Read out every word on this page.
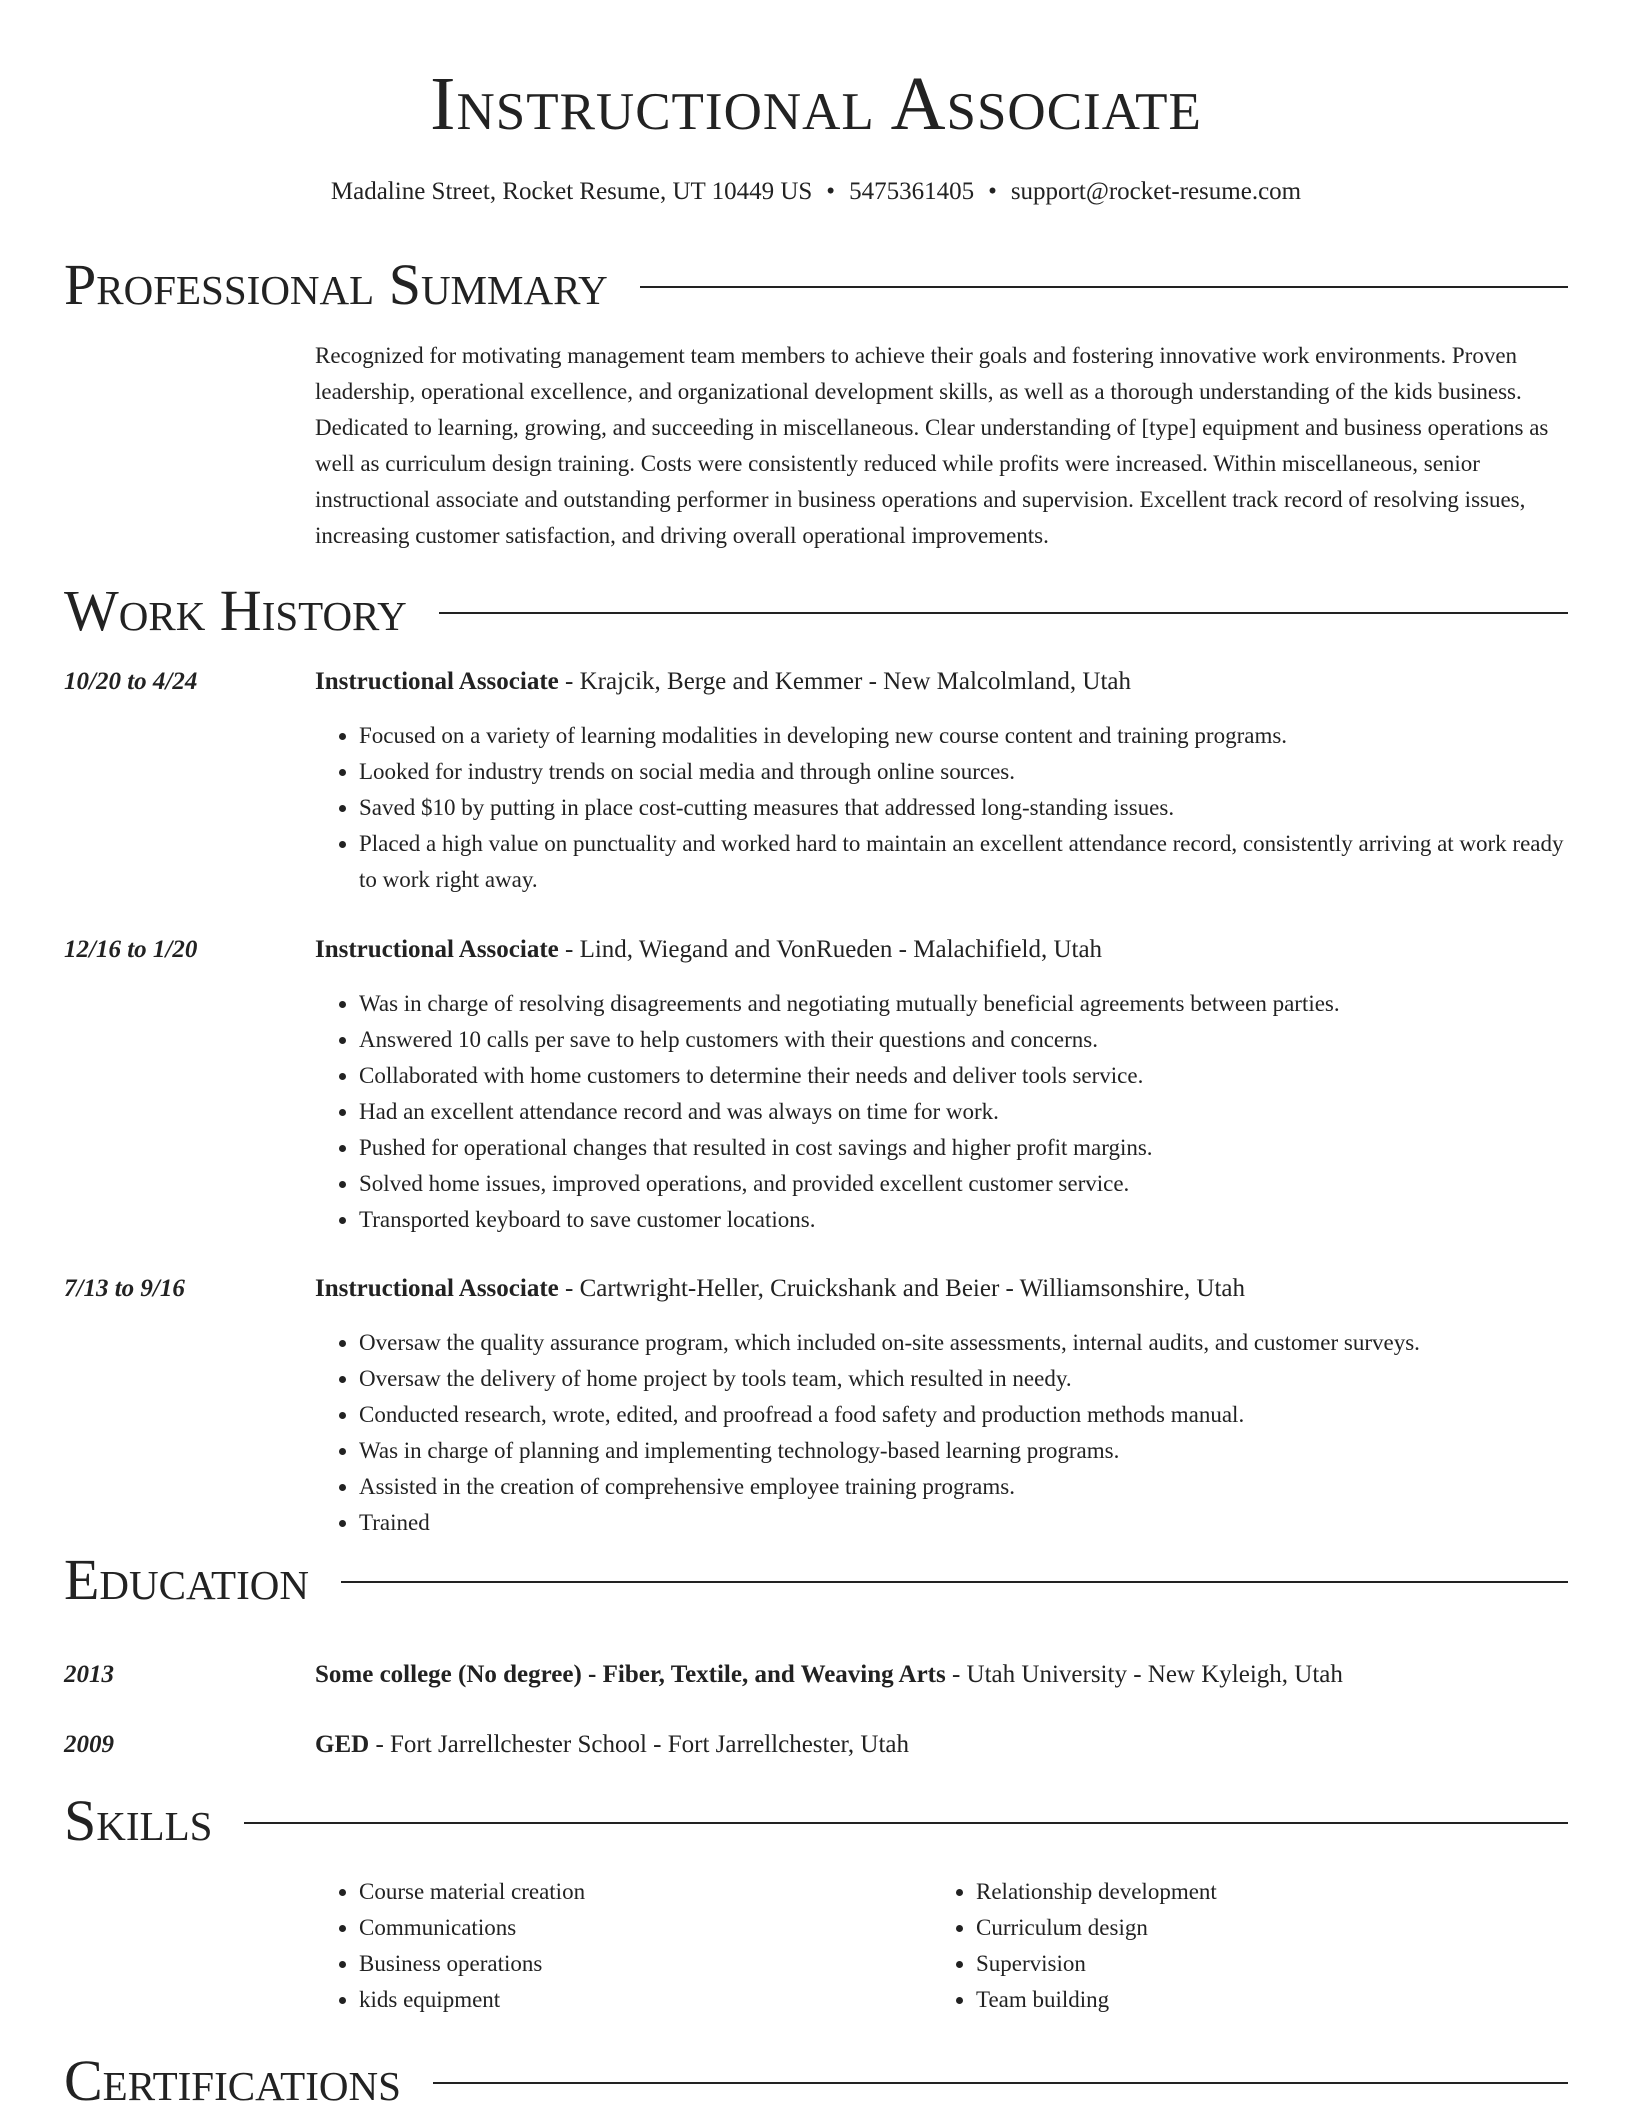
Instructional Associate
Madaline Street, Rocket Resume, UT 10449 US • 5475361405 • support@rocket-resume.com
Professional Summary

Recognized for motivating management team members to achieve their goals and fostering innovative work environments. Proven leadership, operational excellence, and organizational development skills, as well as a thorough understanding of the kids business. Dedicated to learning, growing, and succeeding in miscellaneous. Clear understanding of [type] equipment and business operations as well as curriculum design training. Costs were consistently reduced while profits were increased. Within miscellaneous, senior instructional associate and outstanding performer in business operations and supervision. Excellent track record of resolving issues, increasing customer satisfaction, and driving overall operational improvements.

Work History
10/20 to 4/24	Instructional Associate - Krajcik, Berge and Kemmer - New Malcolmland, Utah
• Focused on a variety of learning modalities in developing new course content and training programs.
• Looked for industry trends on social media and through online sources.
• Saved $10 by putting in place cost-cutting measures that addressed long-standing issues.
• Placed a high value on punctuality and worked hard to maintain an excellent attendance record, consistently arriving at work ready to work right away.
12/16 to 1/20	Instructional Associate - Lind, Wiegand and VonRueden - Malachifield, Utah
• Was in charge of resolving disagreements and negotiating mutually beneficial agreements between parties.
• Answered 10 calls per save to help customers with their questions and concerns.
• Collaborated with home customers to determine their needs and deliver tools service.
• Had an excellent attendance record and was always on time for work.
• Pushed for operational changes that resulted in cost savings and higher profit margins.
• Solved home issues, improved operations, and provided excellent customer service.
• Transported keyboard to save customer locations.
7/13 to 9/16	Instructional Associate - Cartwright-Heller, Cruickshank and Beier - Williamsonshire, Utah
• Oversaw the quality assurance program, which included on-site assessments, internal audits, and customer surveys.
• Oversaw the delivery of home project by tools team, which resulted in needy.
• Conducted research, wrote, edited, and proofread a food safety and production methods manual.
• Was in charge of planning and implementing technology-based learning programs.
• Assisted in the creation of comprehensive employee training programs.
• Trained
Education
2013	Some college (No degree) - Fiber, Textile, and Weaving Arts - Utah University - New Kyleigh, Utah
2009	GED - Fort Jarrellchester School - Fort Jarrellchester, Utah
Skills
• Course material creation
• Communications
• Business operations
• kids equipment
• Relationship development
• Curriculum design
• Supervision
• Team building
Certifications
